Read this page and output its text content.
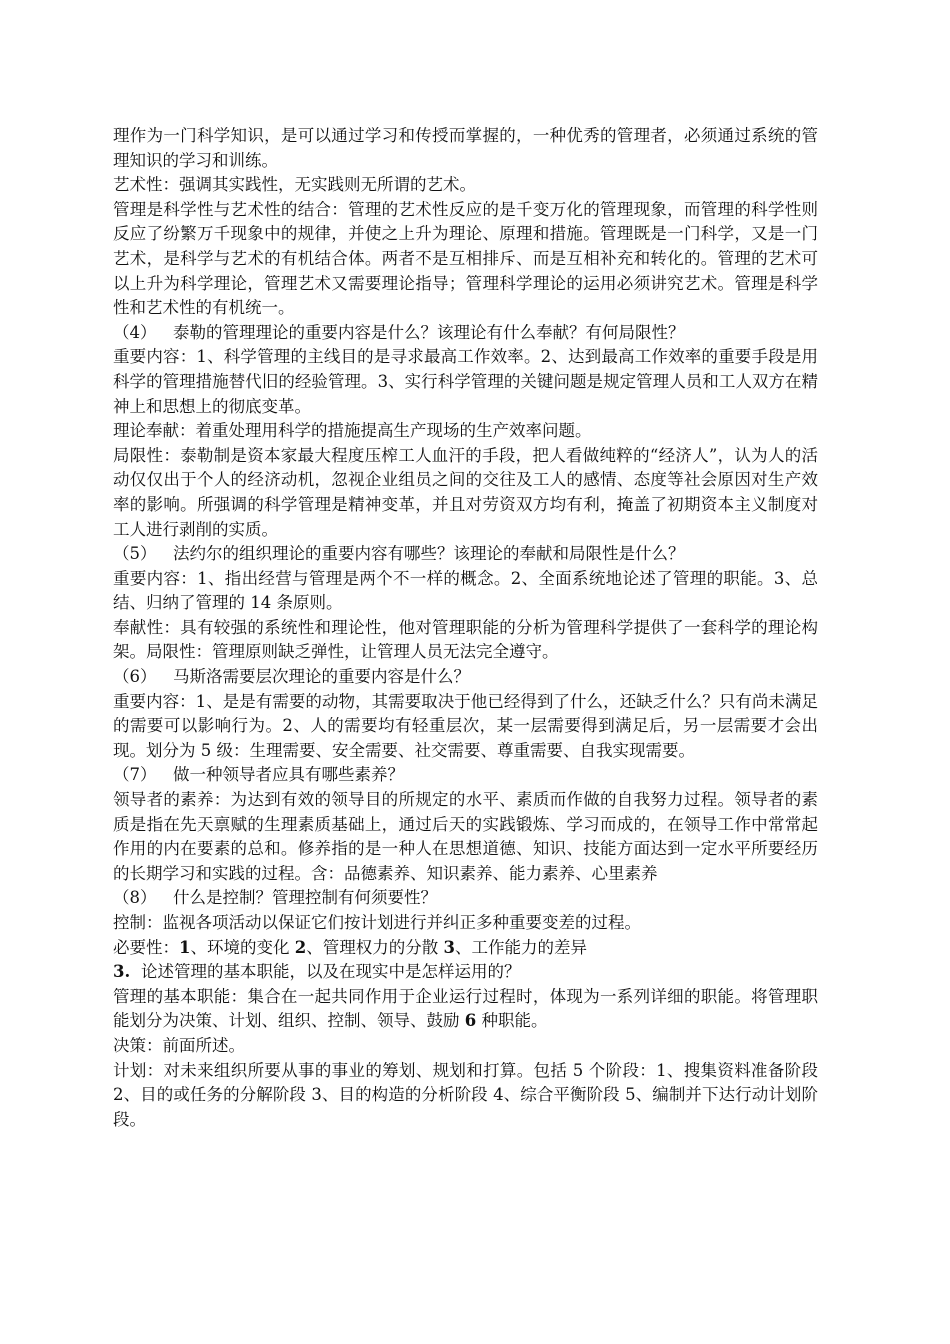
理作为一门科学知识，是可以通过学习和传授而掌握的，一种优秀的管理者，必须通过系统的管理知识的学习和训练。

艺术性：强调其实践性，无实践则无所谓的艺术。

管理是科学性与艺术性的结合：管理的艺术性反应的是千变万化的管理现象，而管理的科学性则反应了纷繁万千现象中的规律，并使之上升为理论、原理和措施。管理既是一门科学，又是一门艺术，是科学与艺术的有机结合体。两者不是互相排斥、而是互相补充和转化的。管理的艺术可以上升为科学理论，管理艺术又需要理论指导；管理科学理论的运用必须讲究艺术。管理是科学性和艺术性的有机统一。

（4） 泰勒的管理理论的重要内容是什么？该理论有什么奉献？有何局限性？

重要内容：1、科学管理的主线目的是寻求最高工作效率。2、达到最高工作效率的重要手段是用科学的管理措施替代旧的经验管理。3、实行科学管理的关键问题是规定管理人员和工人双方在精神上和思想上的彻底变革。

理论奉献：着重处理用科学的措施提高生产现场的生产效率问题。

局限性：泰勒制是资本家最大程度压榨工人血汗的手段，把人看做纯粹的“经济人”，认为人的活动仅仅出于个人的经济动机，忽视企业组员之间的交往及工人的感情、态度等社会原因对生产效率的影响。所强调的科学管理是精神变革，并且对劳资双方均有利，掩盖了初期资本主义制度对工人进行剥削的实质。

（5） 法约尔的组织理论的重要内容有哪些？该理论的奉献和局限性是什么？

重要内容：1、指出经营与管理是两个不一样的概念。2、全面系统地论述了管理的职能。3、总结、归纳了管理的 14 条原则。

奉献性：具有较强的系统性和理论性，他对管理职能的分析为管理科学提供了一套科学的理论构架。局限性：管理原则缺乏弹性，让管理人员无法完全遵守。

（6） 马斯洛需要层次理论的重要内容是什么？

重要内容：1、是是有需要的动物，其需要取决于他已经得到了什么，还缺乏什么？只有尚未满足的需要可以影响行为。2、人的需要均有轻重层次，某一层需要得到满足后，另一层需要才会出现。划分为 5 级：生理需要、安全需要、社交需要、尊重需要、自我实现需要。

（7） 做一种领导者应具有哪些素养？

领导者的素养：为达到有效的领导目的所规定的水平、素质而作做的自我努力过程。领导者的素质是指在先天禀赋的生理素质基础上，通过后天的实践锻炼、学习而成的，在领导工作中常常起作用的内在要素的总和。修养指的是一种人在思想道德、知识、技能方面达到一定水平所要经历的长期学习和实践的过程。含：品德素养、知识素养、能力素养、心里素养

（8） 什么是控制？管理控制有何须要性？

控制：监视各项活动以保证它们按计划进行并纠正多种重要变差的过程。

必要性：1、环境的变化 2、管理权力的分散 3、工作能力的差异

3. 论述管理的基本职能，以及在现实中是怎样运用的？

管理的基本职能：集合在一起共同作用于企业运行过程时，体现为一系列详细的职能。将管理职能划分为决策、计划、组织、控制、领导、鼓励 6 种职能。

决策：前面所述。

计划：对未来组织所要从事的事业的筹划、规划和打算。包括 5 个阶段：1、搜集资料准备阶段 2、目的或任务的分解阶段 3、目的构造的分析阶段 4、综合平衡阶段 5、编制并下达行动计划阶段。
